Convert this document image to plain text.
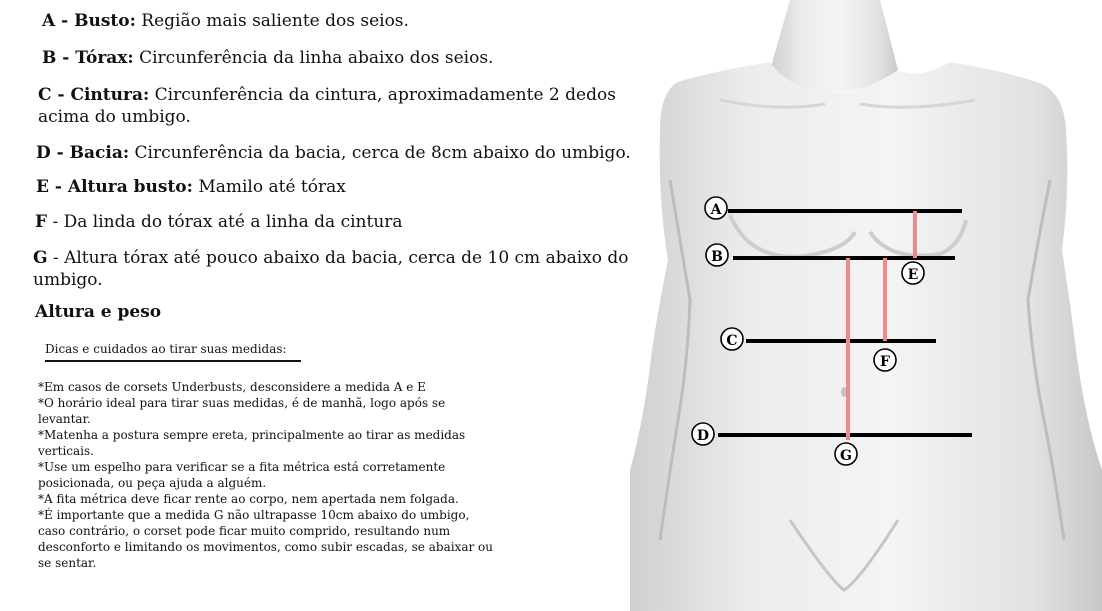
A - Busto: Região mais saliente dos seios.
B - Tórax: Circunferência da linha abaixo dos seios.
C - Cintura: Circunferência da cintura, aproximadamente 2 dedos acima do umbigo.
D - Bacia: Circunferência da bacia, cerca de 8cm abaixo do umbigo.
E - Altura busto: Mamilo até tórax
F - Da linda do tórax até a linha da cintura
G - Altura tórax até pouco abaixo da bacia, cerca de 10 cm abaixo do umbigo.
Altura e peso
Dicas e cuidados ao tirar suas medidas:
*Em casos de corsets Underbusts, desconsidere a medida A e E
*O horário ideal para tirar suas medidas, é de manhã, logo após se levantar.
*Matenha a postura sempre ereta, principalmente ao tirar as medidas verticais.
*Use um espelho para verificar se a fita métrica está corretamente posicionada, ou peça ajuda a alguém.
*A fita métrica deve ficar rente ao corpo, nem apertada nem folgada.
*É importante que a medida G não ultrapasse 10cm abaixo do umbigo, caso contrário, o corset pode ficar muito comprido, resultando num desconforto e limitando os movimentos, como subir escadas, se abaixar ou se sentar.
A
B
C
D
E
F
G
